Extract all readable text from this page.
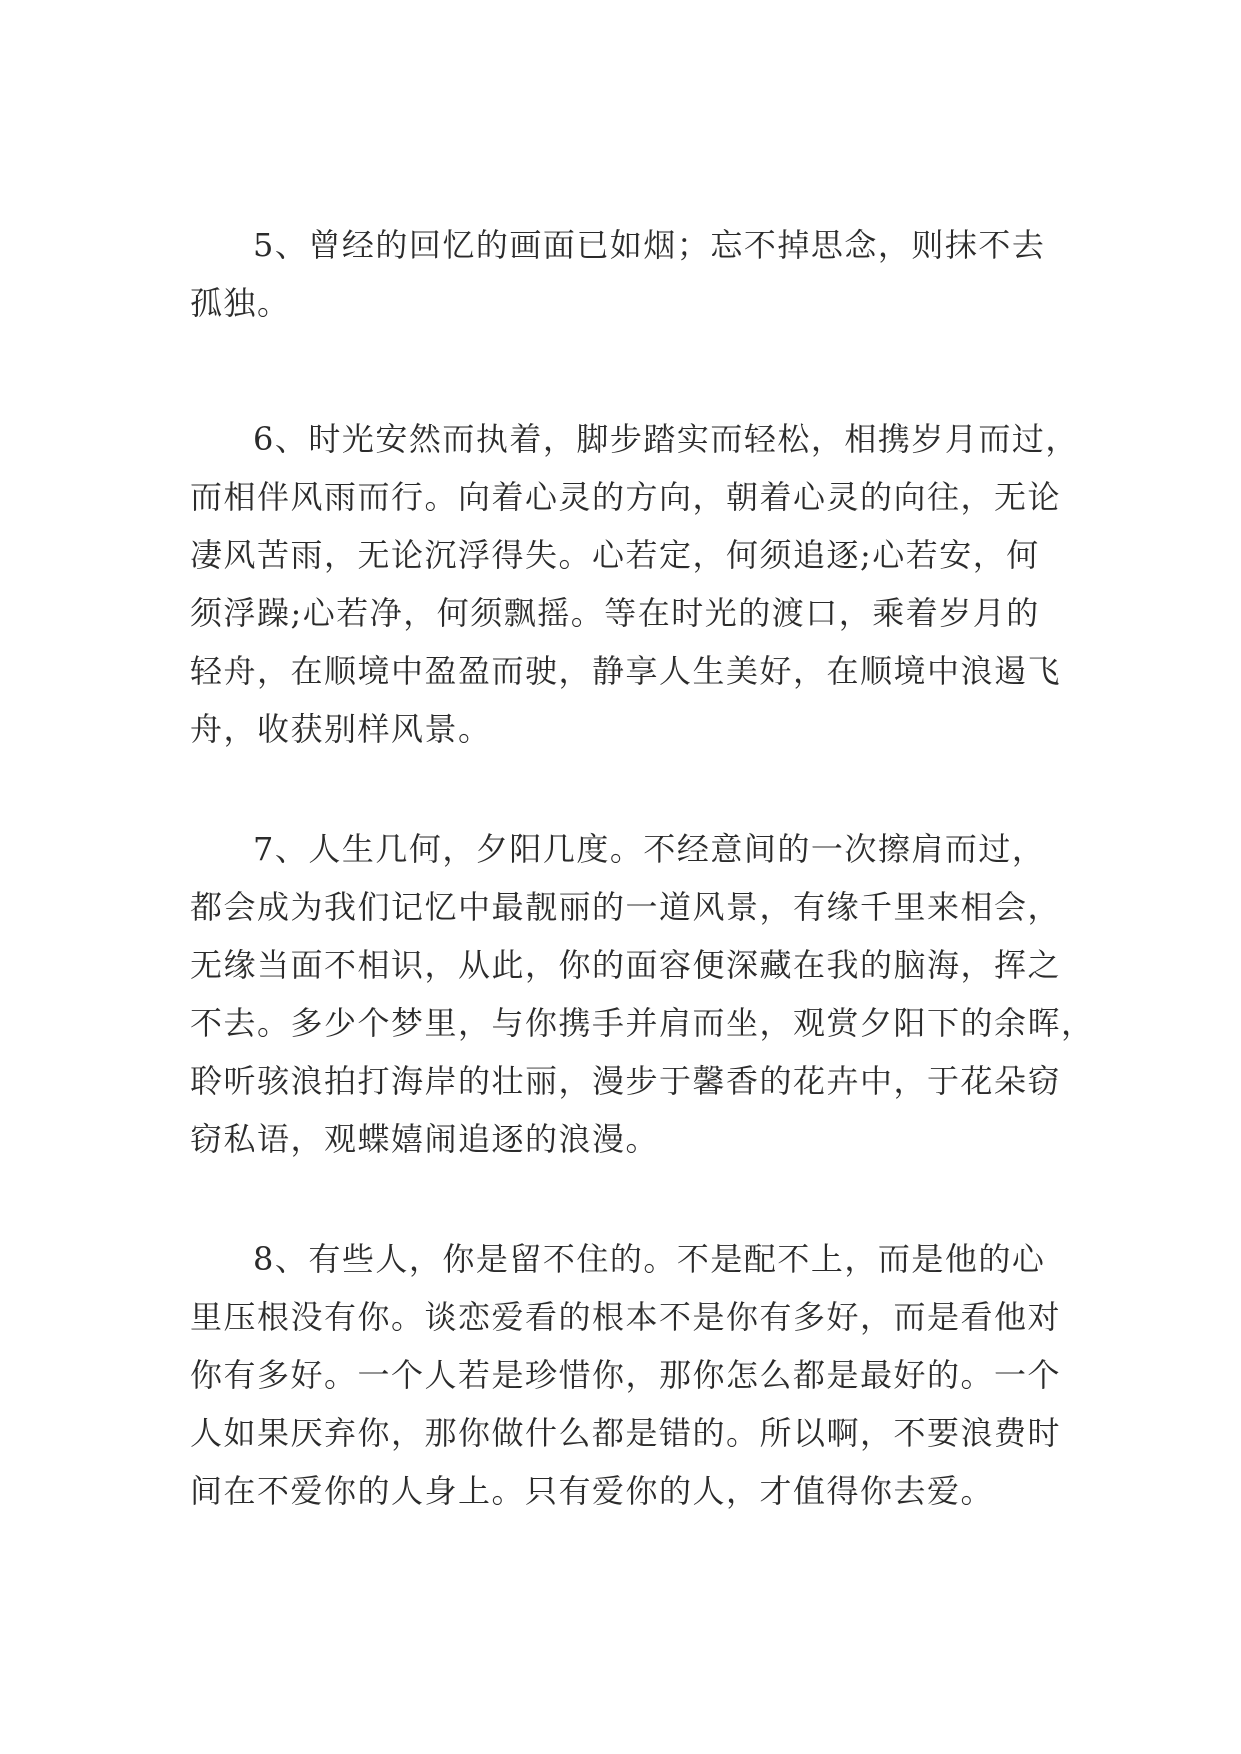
5、曾经的回忆的画面已如烟；忘不掉思念，则抹不去
孤独。
6、时光安然而执着，脚步踏实而轻松，相携岁月而过，
而相伴风雨而行。向着心灵的方向，朝着心灵的向往，无论
凄风苦雨，无论沉浮得失。心若定，何须追逐;心若安，何
须浮躁;心若净，何须飘摇。等在时光的渡口，乘着岁月的
轻舟，在顺境中盈盈而驶，静享人生美好，在顺境中浪遏飞
舟，收获别样风景。
7、人生几何，夕阳几度。不经意间的一次擦肩而过，
都会成为我们记忆中最靓丽的一道风景，有缘千里来相会，
无缘当面不相识，从此，你的面容便深藏在我的脑海，挥之
不去。多少个梦里，与你携手并肩而坐，观赏夕阳下的余晖，
聆听骇浪拍打海岸的壮丽，漫步于馨香的花卉中，于花朵窃
窃私语，观蝶嬉闹追逐的浪漫。
8、有些人，你是留不住的。不是配不上，而是他的心
里压根没有你。谈恋爱看的根本不是你有多好，而是看他对
你有多好。一个人若是珍惜你，那你怎么都是最好的。一个
人如果厌弃你，那你做什么都是错的。所以啊，不要浪费时
间在不爱你的人身上。只有爱你的人，才值得你去爱。
